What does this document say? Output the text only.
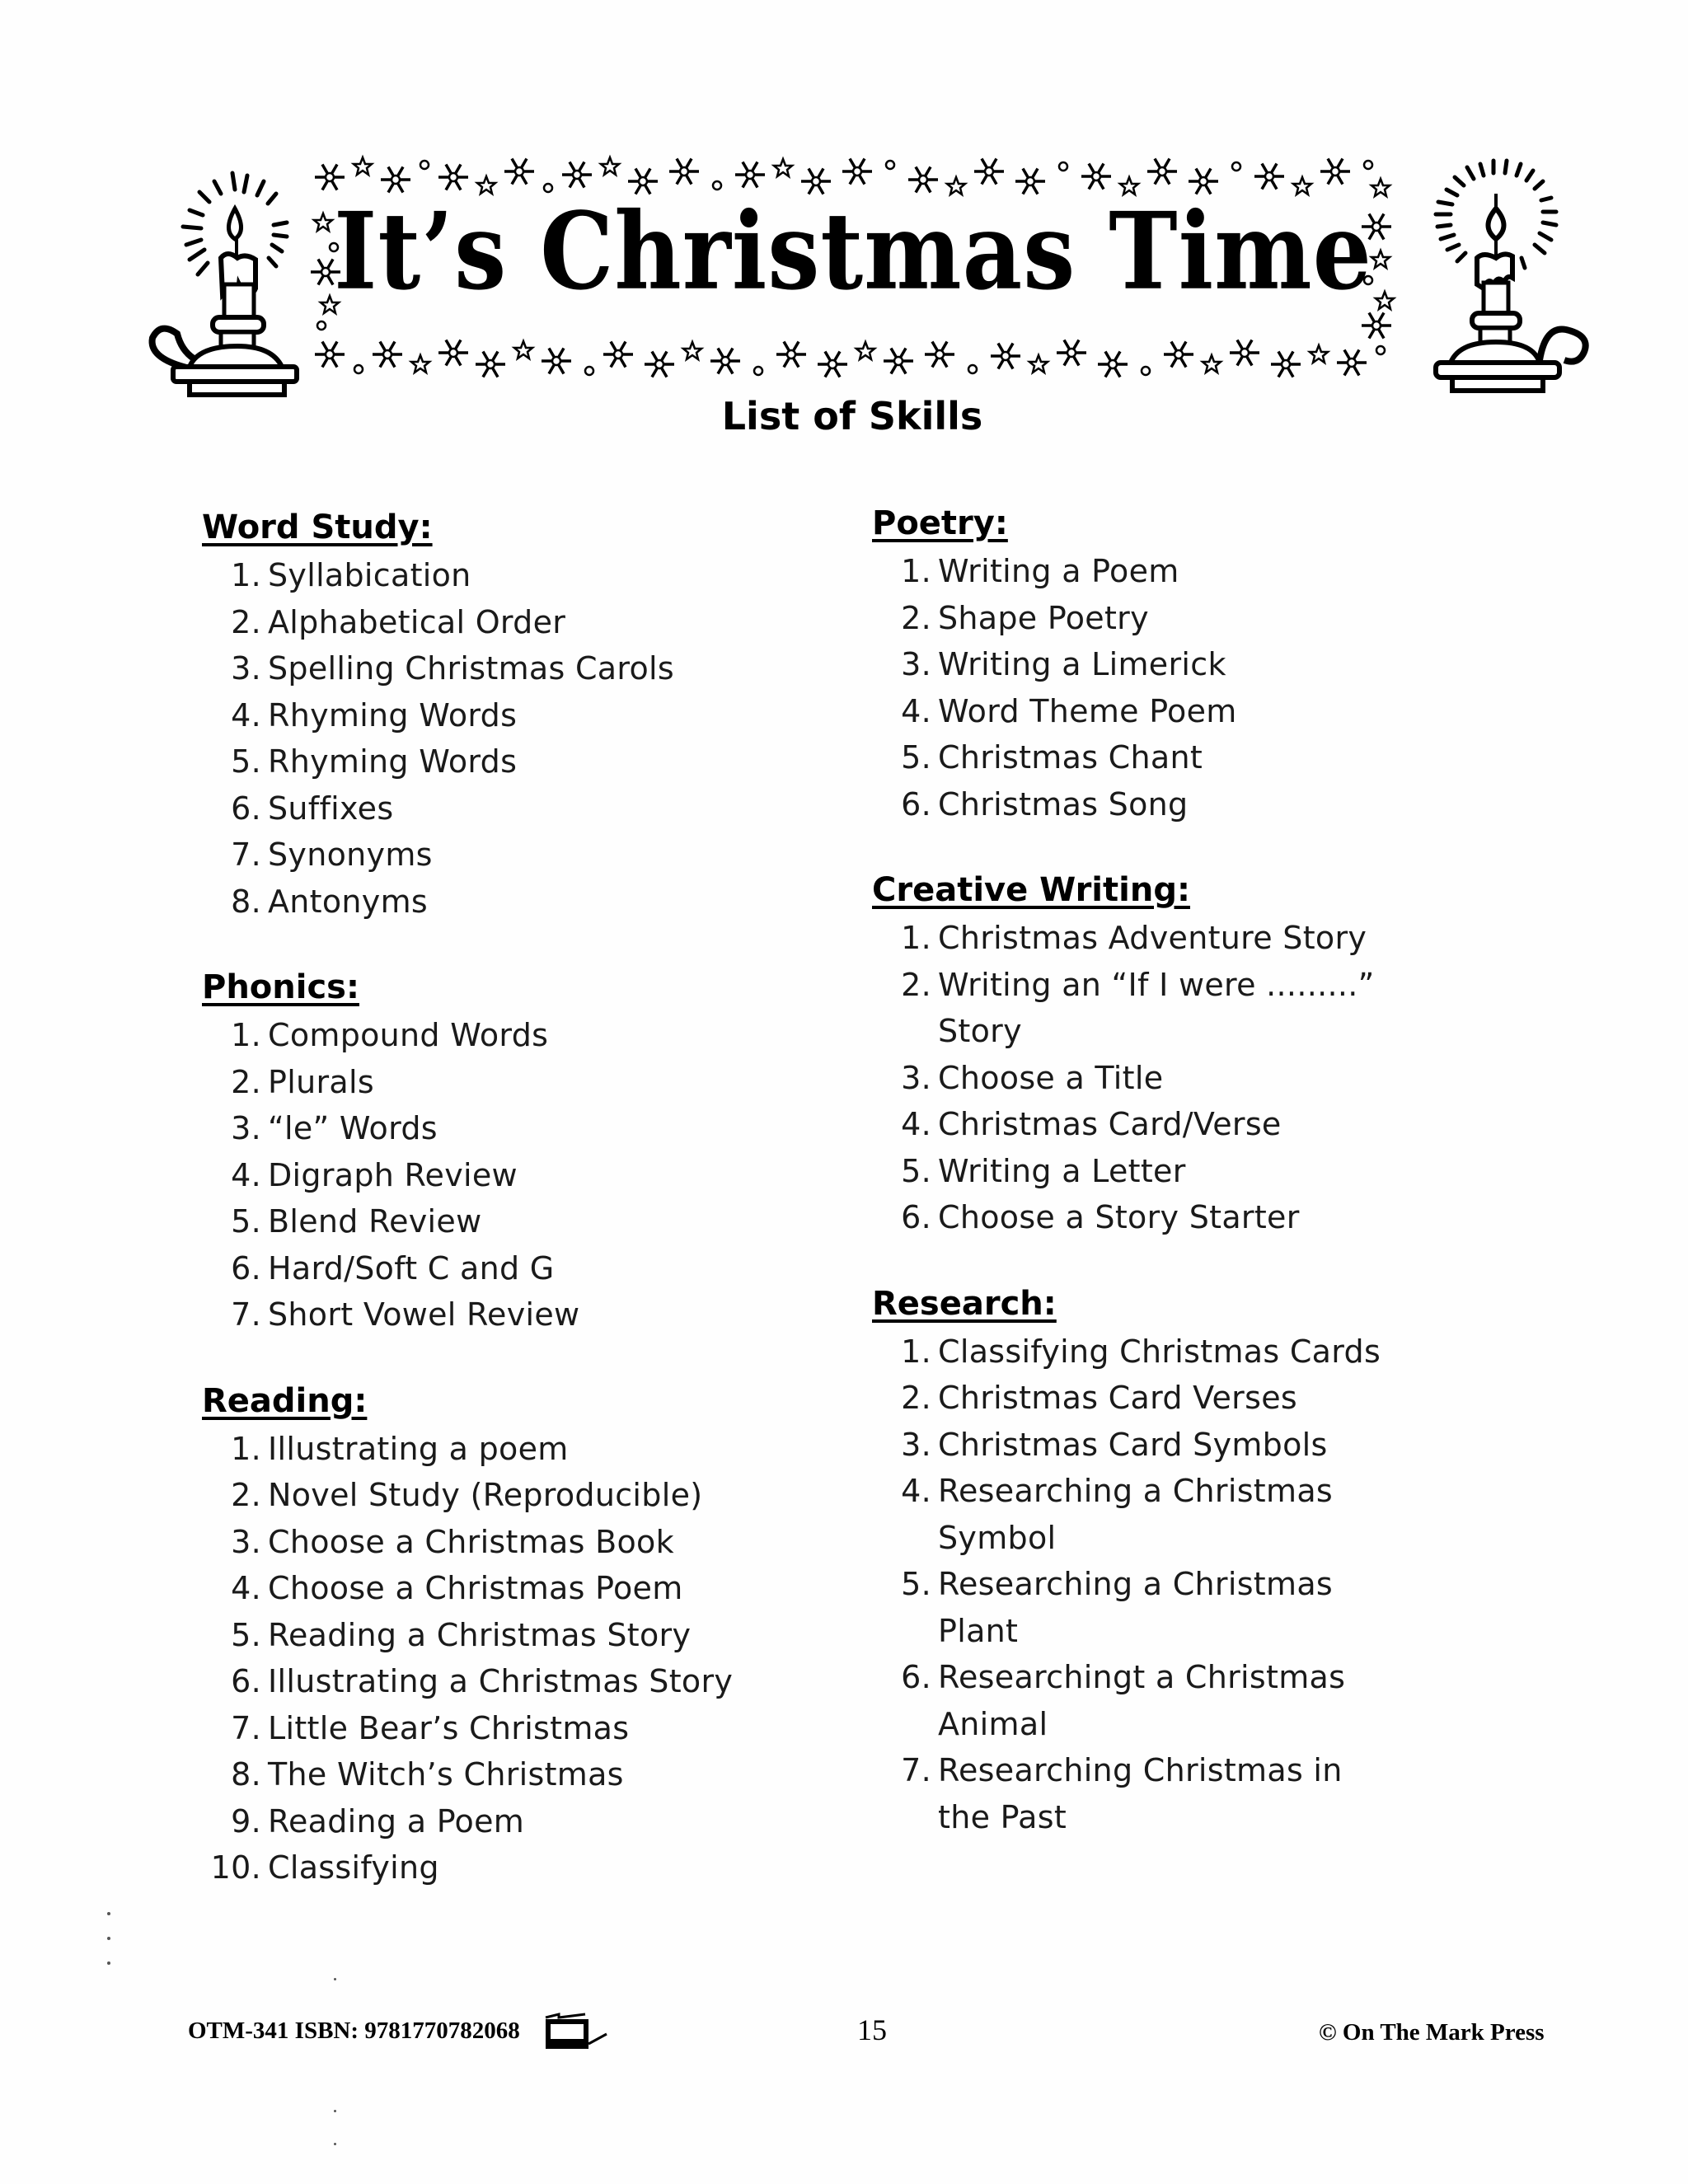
It’s Christmas Time
List of Skills
Word Study:
1. Syllabication
2. Alphabetical Order
3. Spelling Christmas Carols
4. Rhyming Words
5. Rhyming Words
6. Suffixes
7. Synonyms
8. Antonyms
Phonics:
1. Compound Words
2. Plurals
3. “le” Words
4. Digraph Review
5. Blend Review
6. Hard/Soft C and G
7. Short Vowel Review
Reading:
1. Illustrating a poem
2. Novel Study (Reproducible)
3. Choose a Christmas Book
4. Choose a Christmas Poem
5. Reading a Christmas Story
6. Illustrating a Christmas Story
7. Little Bear’s Christmas
8. The Witch’s Christmas
9. Reading a Poem
10. Classifying
Poetry:
1. Writing a Poem
2. Shape Poetry
3. Writing a Limerick
4. Word Theme Poem
5. Christmas Chant
6. Christmas Song
Creative Writing:
1. Christmas Adventure Story
2. Writing an “If I were .........” Story
3. Choose a Title
4. Christmas Card/Verse
5. Writing a Letter
6. Choose a Story Starter
Research:
1. Classifying Christmas Cards
2. Christmas Card Verses
3. Christmas Card Symbols
4. Researching a Christmas Symbol
5. Researching a Christmas Plant
6. Researchingt a Christmas Animal
7. Researching Christmas in the Past
OTM-341 ISBN: 9781770782068	15	© On The Mark Press
